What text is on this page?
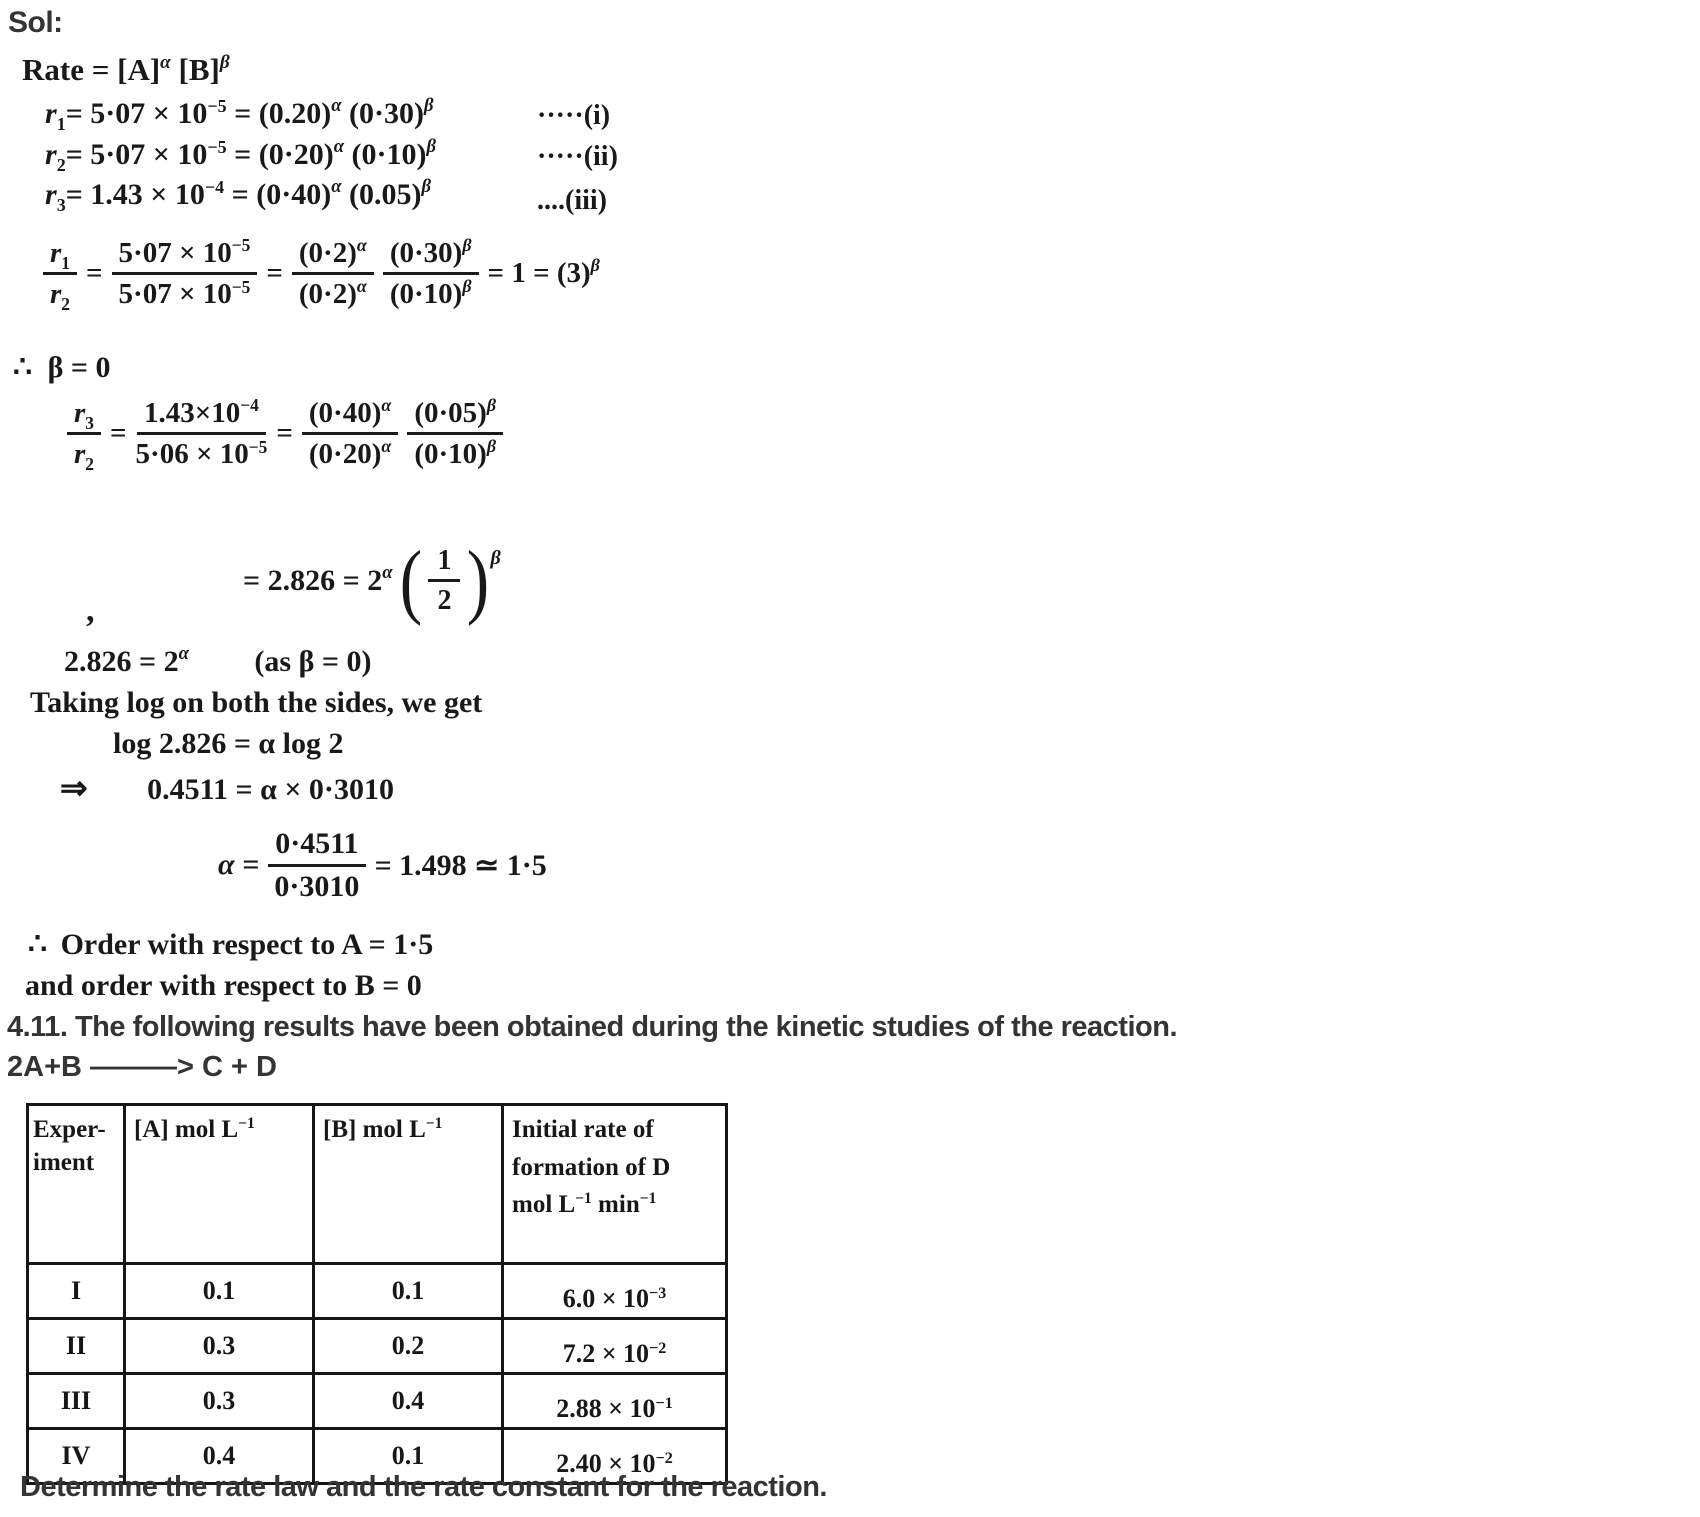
Sol:
Rate = $[A]^\alpha$ $[B]^\beta$
$r_1= 5\cdot 07 \times 10^{-5} = (0.20)^\alpha$ $(0\cdot 30)^\beta$	·····(i)
$r_2= 5\cdot 07 \times 10^{-5} = (0\cdot 20)^\alpha$ $(0\cdot 10)^\beta$	·····(ii)
$r_3= 1.43 \times 10^{-4} = (0\cdot 40)^\alpha$ $(0.05)^\beta$	....(iii)
$\frac{r_1}{r_2} = \frac{5\cdot 07 \times 10^{-5}}{5\cdot 07 \times 10^{-5}} = \frac{(0\cdot 2)^\alpha}{(0\cdot 2)^\alpha} \frac{(0\cdot 30)^\beta}{(0\cdot 10)^\beta} = 1 = (3)^\beta$
∴ β = 0
$\frac{r_3}{r_2} = \frac{1.43\times 10^{-4}}{5\cdot 06 \times 10^{-5}} = \frac{(0\cdot 40)^\alpha}{(0\cdot 20)^\alpha} (0\cdot 05)^\beta$
$(0\cdot 10)^\beta$
= $2.826 = 2^\alpha$ ( $\frac{1}{2}$ ) β
,
$2.826 = 2^\alpha$ (as β = 0)
Taking log on both the sides, we get
log 2.826 = α log 2
⇒ 0.4511 = α × 0·3010
$\alpha = \frac{0\cdot 4511}{0\cdot 3010} = 1.498$ ≃ 1·5
∴ Order with respect to A = 1·5
and order with respect to B = 0
4.11. The following results have been obtained during the kinetic studies of the reaction.
2A+B ———> C + D
Exper-
iment	[A] mol $L^{-1}$	[B] mol $L^{-1}$	Initial rate of
formation of D
mol $L^{-1}$ $\min^{-1}$

I	0.1	0.1	$6.0 \times 10^{-3}$
II	0.3	0.2	$7.2 \times 10^{-2}$
III	0.3	0.4	$2.88 \times 10^{-1}$
IV	0.4	0.1	$2.40 \times 10^{-2}$
Determine the rate law and the rate constant for the reaction.
